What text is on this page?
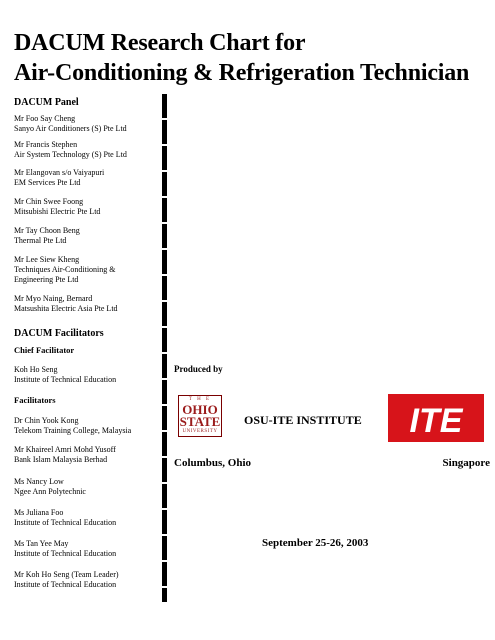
DACUM Research Chart for
Air-Conditioning & Refrigeration Technician

DACUM Panel

Mr Foo Say Cheng
Sanyo Air Conditioners (S) Pte Ltd
Mr Francis Stephen
Air System Technology (S) Pte Ltd
Mr Elangovan s/o Vaiyapuri
EM Services Pte Ltd
Mr Chin Swee Foong
Mitsubishi Electric Pte Ltd
Mr Tay Choon Beng
Thermal Pte Ltd
Mr Lee Siew Kheng
Techniques Air-Conditioning &
Engineering Pte Ltd
Mr Myo Naing, Bernard
Matsushita Electric Asia Pte Ltd

DACUM Facilitators

Chief Facilitator

Koh Ho Seng
Institute of Technical Education

Facilitators

Dr Chin Yook Kong
Telekom Training College, Malaysia
Mr Khaireel Amri Mohd Yusoff
Bank Islam Malaysia Berhad
Ms Nancy Low
Ngee Ann Polytechnic
Ms Juliana Foo
Institute of Technical Education
Ms Tan Yee May
Institute of Technical Education
Mr Koh Ho Seng (Team Leader)
Institute of Technical Education
Produced by
T H E
OHIO
STATE
UNIVERSITY
OSU-ITE INSTITUTE ITE
Columbus, Ohio	Singapore
September 25-26, 2003
